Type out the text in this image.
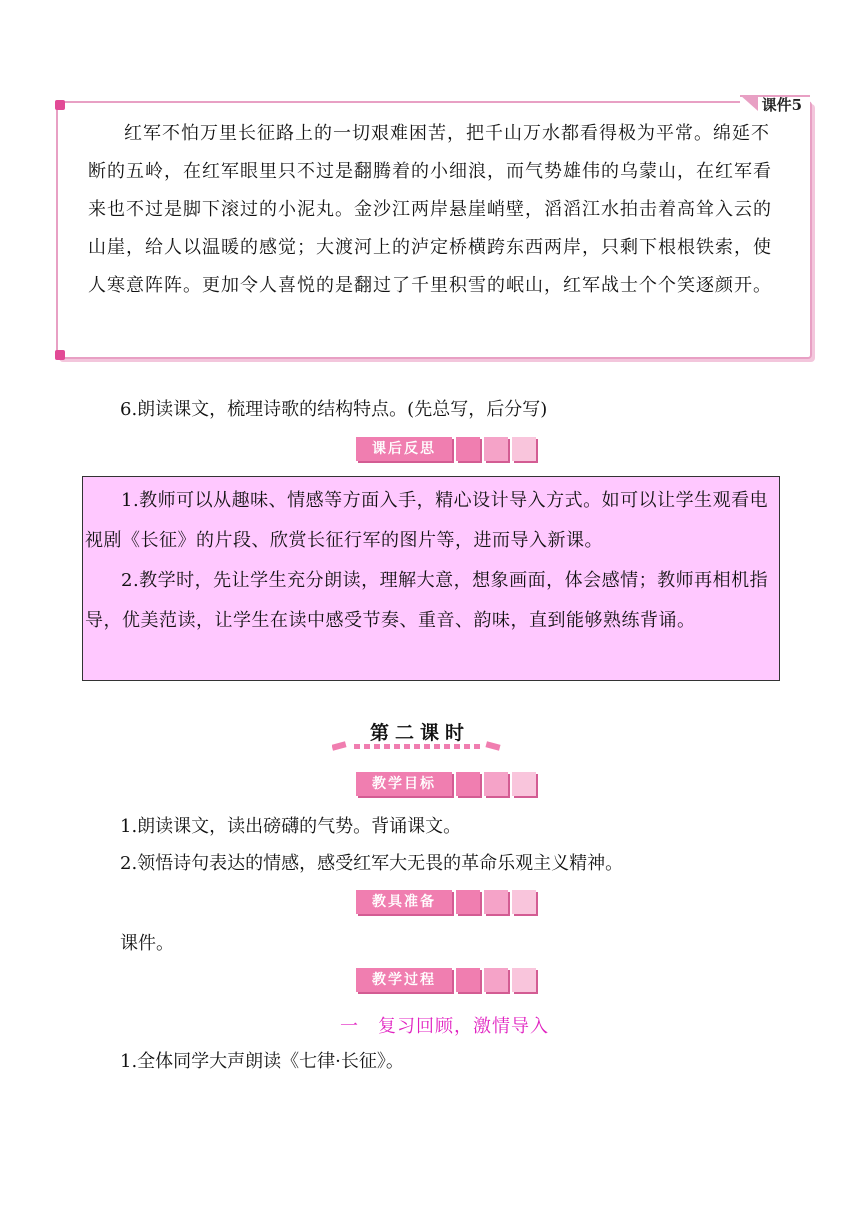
课件5

红军不怕万里长征路上的一切艰难困苦，把千山万水都看得极为平常。绵延不断的五岭，在红军眼里只不过是翻腾着的小细浪，而气势雄伟的乌蒙山，在红军看来也不过是脚下滚过的小泥丸。金沙江两岸悬崖峭壁，滔滔江水拍击着高耸入云的山崖，给人以温暖的感觉；大渡河上的泸定桥横跨东西两岸，只剩下根根铁索，使人寒意阵阵。更加令人喜悦的是翻过了千里积雪的岷山，红军战士个个笑逐颜开。

6.朗读课文，梳理诗歌的结构特点。(先总写，后分写)

课后反思

1.教师可以从趣味、情感等方面入手，精心设计导入方式。如可以让学生观看电视剧《长征》的片段、欣赏长征行军的图片等，进而导入新课。

2.教学时，先让学生充分朗读，理解大意，想象画面，体会感情；教师再相机指导，优美范读，让学生在读中感受节奏、重音、韵味，直到能够熟练背诵。

第二课时
教学目标

1.朗读课文，读出磅礴的气势。背诵课文。

2.领悟诗句表达的情感，感受红军大无畏的革命乐观主义精神。

教具准备

课件。

教学过程
一　复习回顾，激情导入

1.全体同学大声朗读《七律·长征》。
